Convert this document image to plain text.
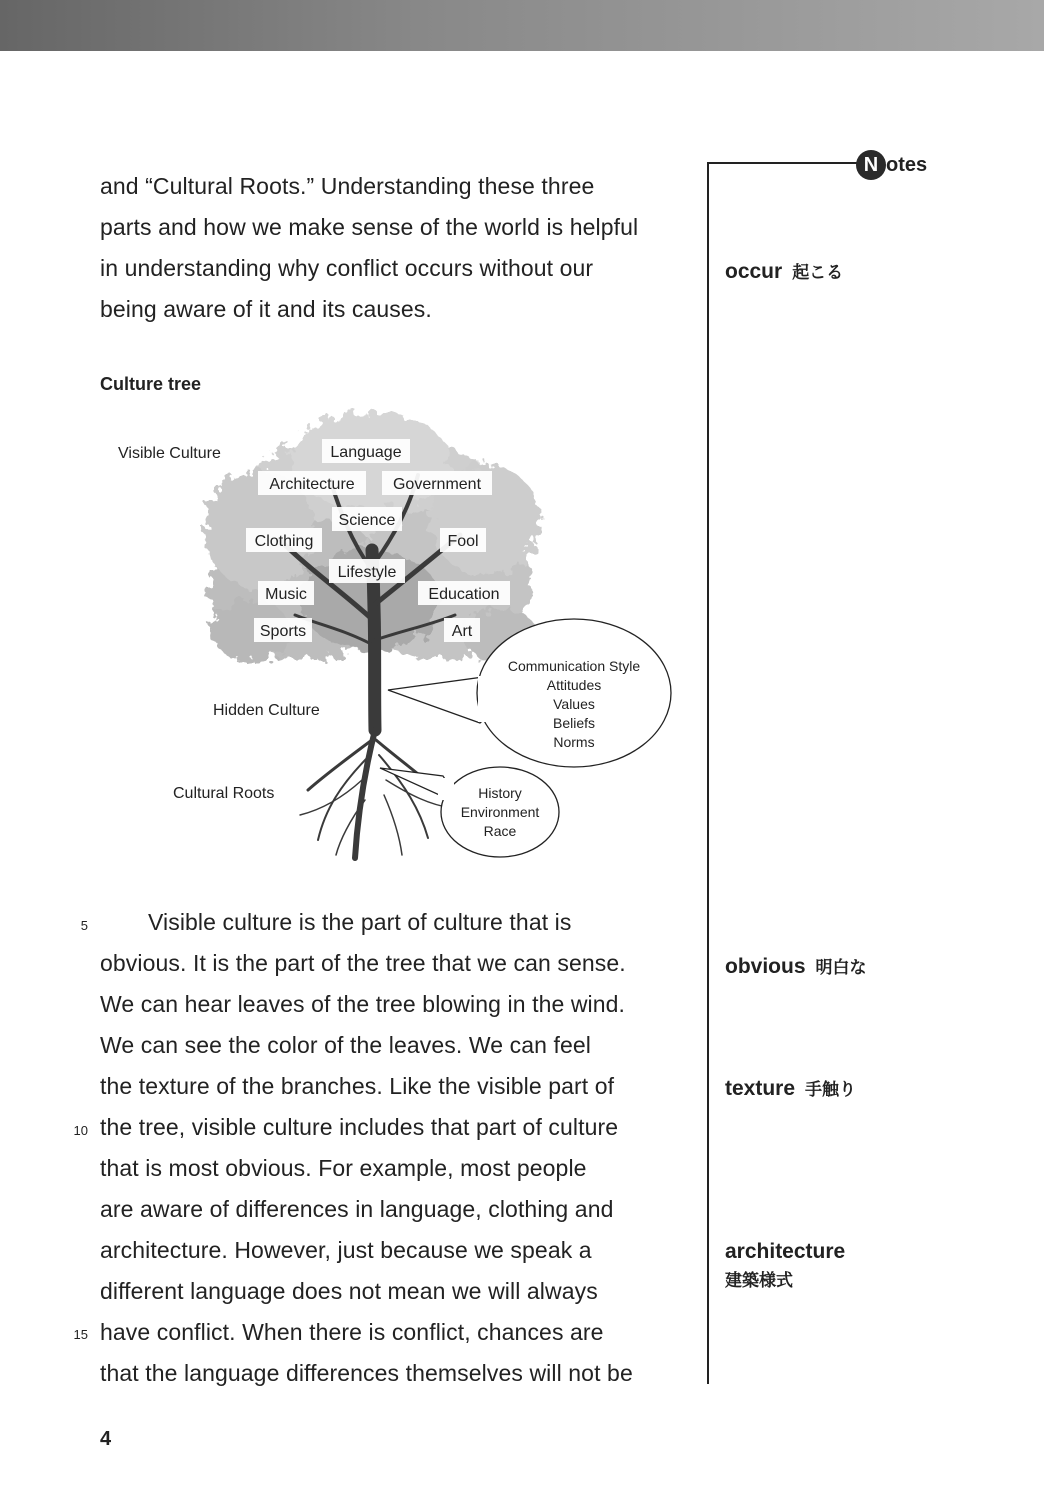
and “Cultural Roots.” Understanding these three
parts and how we make sense of the world is helpful
in understanding why conflict occurs without our
being aware of it and its causes.
Culture tree
Visible Culture
Hidden Culture
Cultural Roots
Language
Architecture Government
Science
Clothing	Fool
Lifestyle
Music	Education
Sports	Art
Communication Style
Attitudes
Values
Beliefs
Norms
History
Environment
Race
Visible culture is the part of culture that is
obvious. It is the part of the tree that we can sense.
We can hear leaves of the tree blowing in the wind.
We can see the color of the leaves. We can feel
the texture of the branches. Like the visible part of
the tree, visible culture includes that part of culture
that is most obvious. For example, most people
are aware of differences in language, clothing and
architecture. However, just because we speak a
different language does not mean we will always
have conflict. When there is conflict, chances are
that the language differences themselves will not be
5
10
15
N otes
occur 起こる
obvious 明白な
texture 手触り
architecture
建築様式
4
